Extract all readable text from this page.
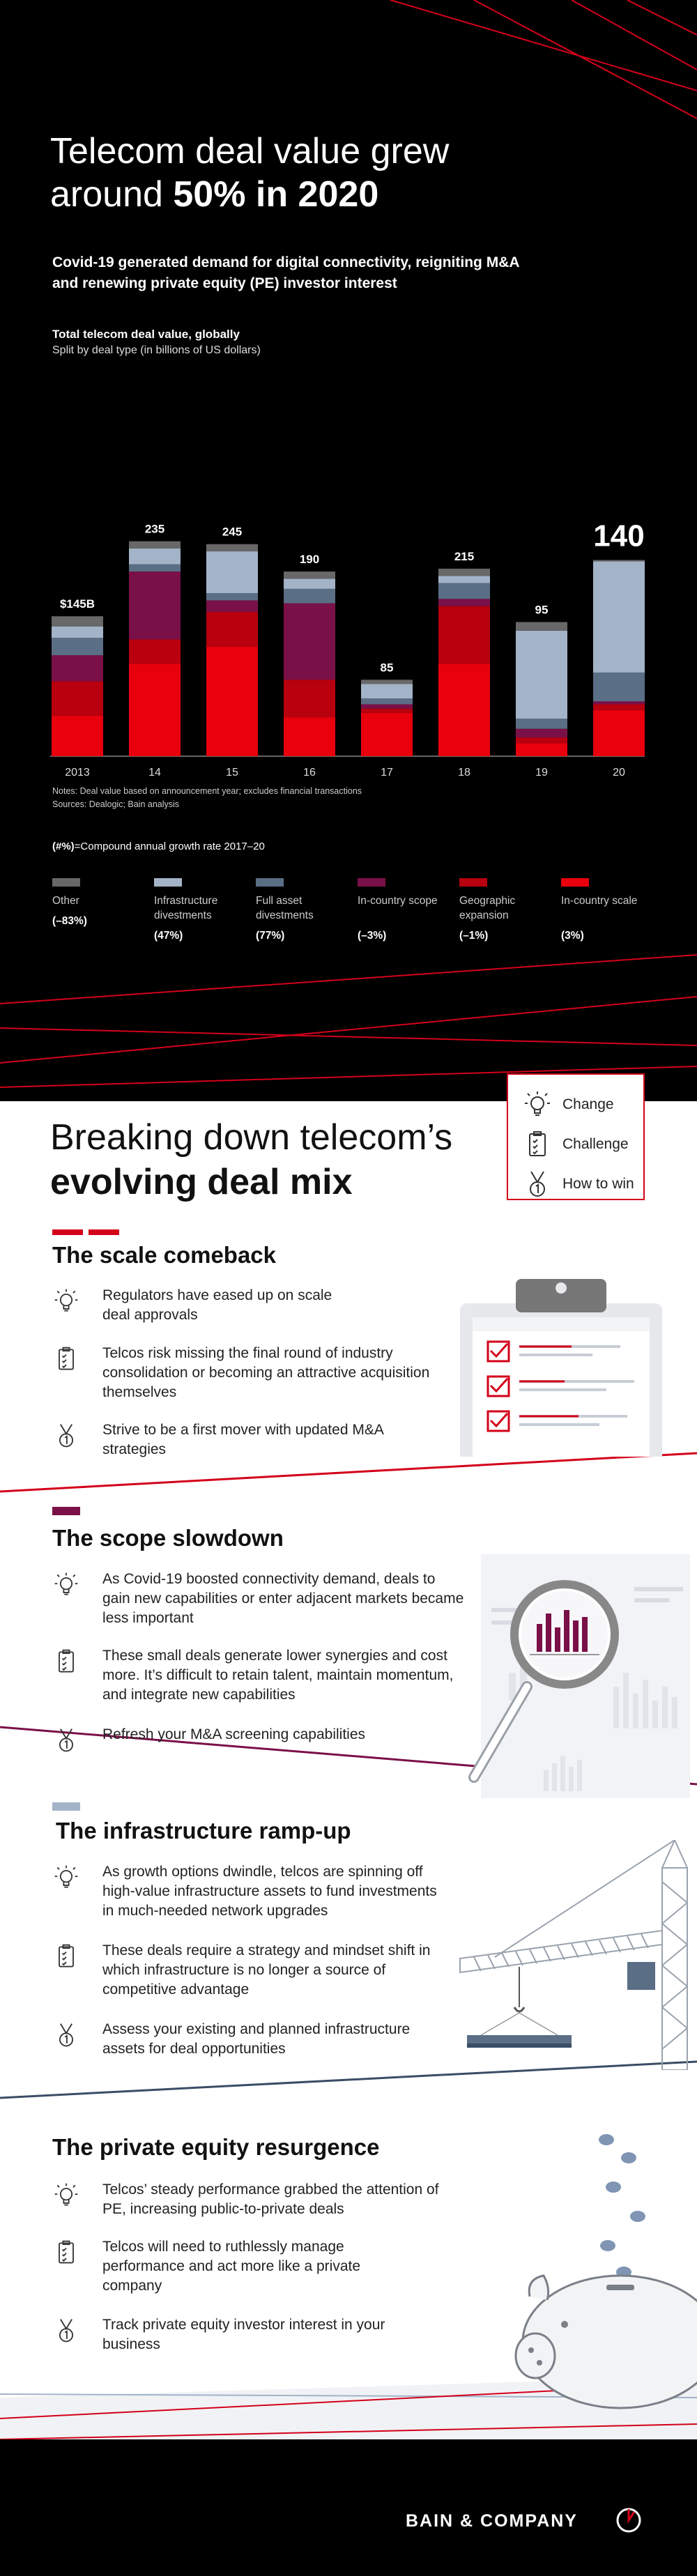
Telecom deal value grew
around 50% in 2020
Covid-19 generated demand for digital connectivity, reigniting M&A and renewing private equity (PE) investor interest
Total telecom deal value, globally
Split by deal type (in billions of US dollars)
$145B
2013
235
14
245
15
190
16
85
17
215
18
95
19
140
20
Notes: Deal value based on announcement year; excludes financial transactions
Sources: Dealogic; Bain analysis
(#%)=Compound annual growth rate 2017–20
Other
(–83%)
Infrastructure divestments
(47%)
Full asset divestments
(77%)
In-country scope
(–3%)
Geographic expansion
(–1%)
In-country scale
(3%)
Breaking down telecom’s
evolving deal mix
Change
Challenge
How to win
The scale comeback
Regulators have eased up on scale deal approvals
Telcos risk missing the final round of industry consolidation or becoming an attractive acquisition themselves
Strive to be a first mover with updated M&A strategies
The scope slowdown
As Covid-19 boosted connectivity demand, deals to gain new capabilities or enter adjacent markets became less important
These small deals generate lower synergies and cost more. It’s difficult to retain talent, maintain momentum, and integrate new capabilities
Refresh your M&A screening capabilities
The infrastructure ramp-up
As growth options dwindle, telcos are spinning off high-value infrastructure assets to fund investments in much-needed network upgrades
These deals require a strategy and mindset shift in which infrastructure is no longer a source of competitive advantage
Assess your existing and planned infrastructure assets for deal opportunities
The private equity resurgence
Telcos’ steady performance grabbed the attention of PE, increasing public-to-private deals
Telcos will need to ruthlessly manage performance and act more like a private company
Track private equity investor interest in your business
BAIN & COMPANY
